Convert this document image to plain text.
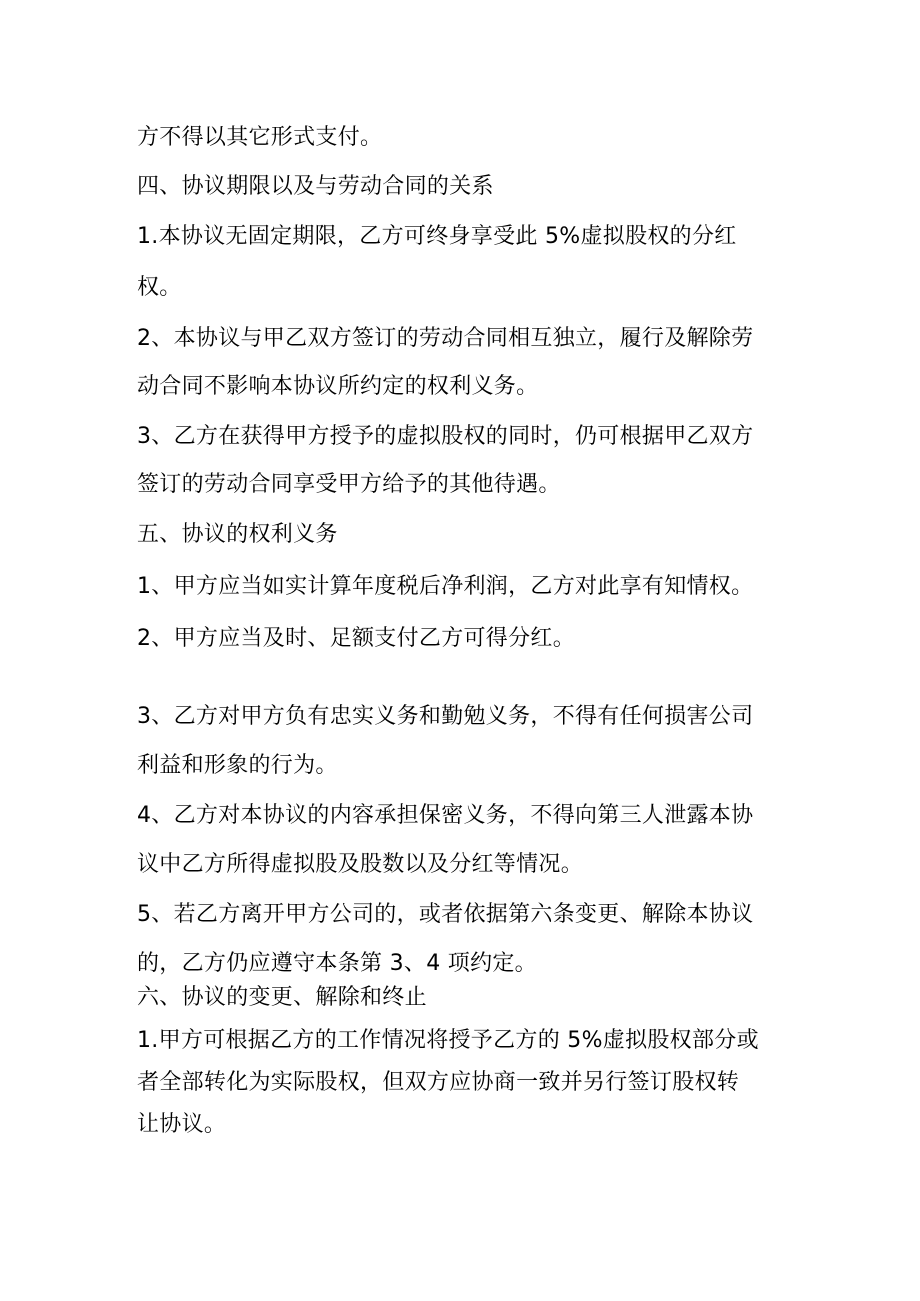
方不得以其它形式支付。
四、协议期限以及与劳动合同的关系
1.本协议无固定期限，乙方可终身享受此 5%虚拟股权的分红
权。
2、本协议与甲乙双方签订的劳动合同相互独立，履行及解除劳
动合同不影响本协议所约定的权利义务。
3、乙方在获得甲方授予的虚拟股权的同时，仍可根据甲乙双方
签订的劳动合同享受甲方给予的其他待遇。
五、协议的权利义务
1、甲方应当如实计算年度税后净利润，乙方对此享有知情权。
2、甲方应当及时、足额支付乙方可得分红。
3、乙方对甲方负有忠实义务和勤勉义务，不得有任何损害公司
利益和形象的行为。
4、乙方对本协议的内容承担保密义务，不得向第三人泄露本协
议中乙方所得虚拟股及股数以及分红等情况。
5、若乙方离开甲方公司的，或者依据第六条变更、解除本协议
的，乙方仍应遵守本条第 3、4 项约定。
六、协议的变更、解除和终止
1.甲方可根据乙方的工作情况将授予乙方的 5%虚拟股权部分或
者全部转化为实际股权，但双方应协商一致并另行签订股权转
让协议。
